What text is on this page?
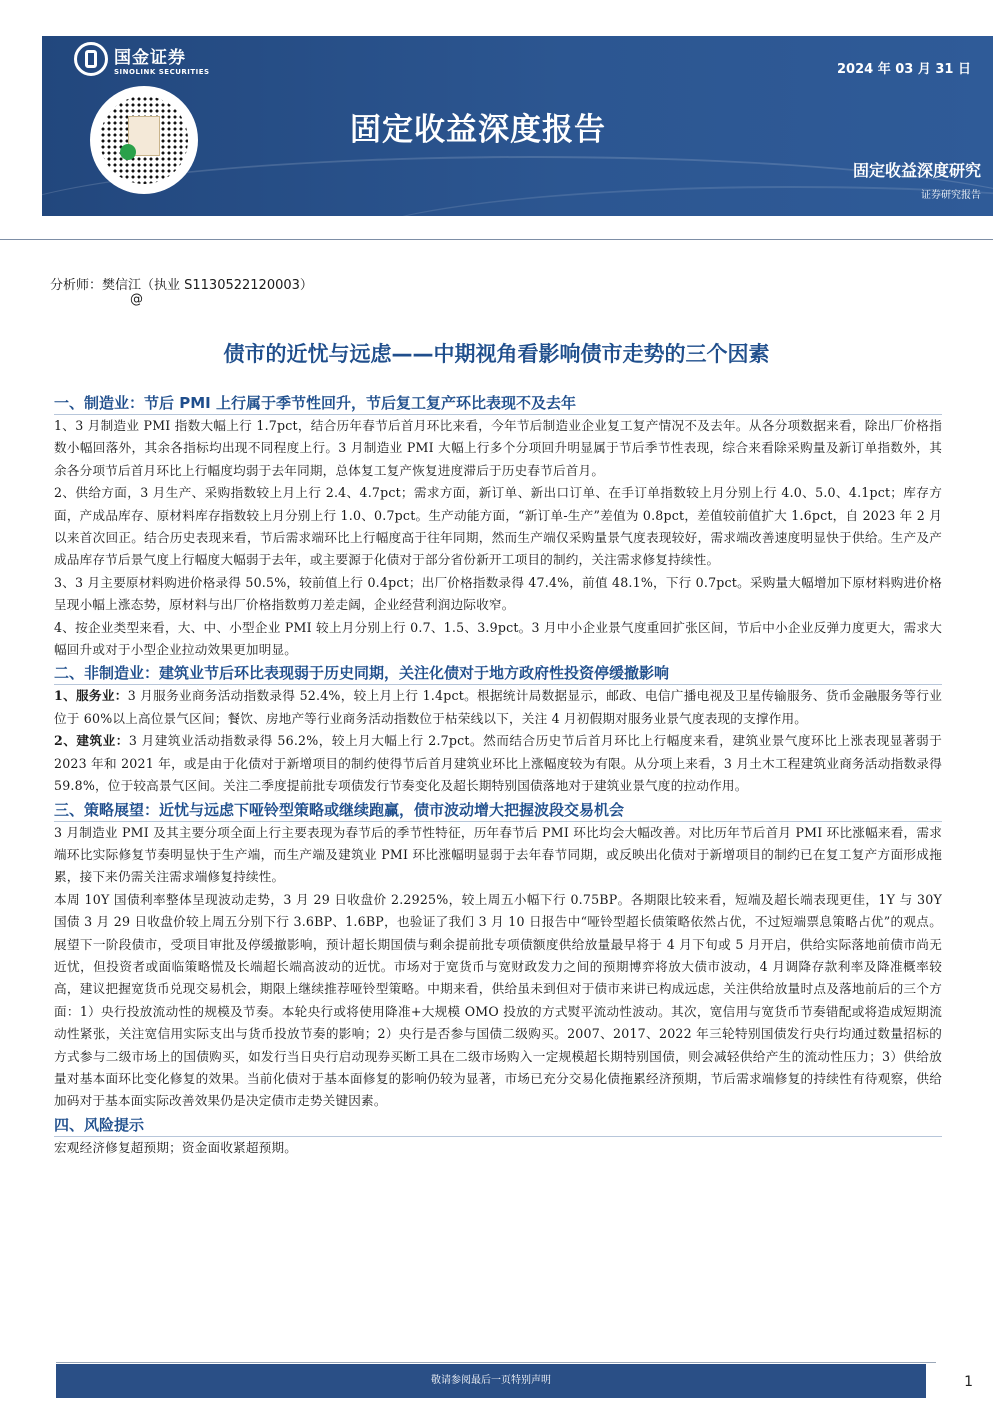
国金证券
SINOLINK SECURITIES	2024 年 03 月 31 日
固定收益深度报告
固定收益深度研究
证券研究报告
分析师：樊信江（执业 S1130522120003）
@
债市的近忧与远虑——中期视角看影响债市走势的三个因素
一、制造业：节后 PMI 上行属于季节性回升，节后复工复产环比表现不及去年

1、3 月制造业 PMI 指数大幅上行 1.7pct，结合历年春节后首月环比来看，今年节后制造业企业复工复产情况不及去年。从各分项数据来看，除出厂价格指数小幅回落外，其余各指标均出现不同程度上行。3 月制造业 PMI 大幅上行多个分项回升明显属于节后季节性表现，综合来看除采购量及新订单指数外，其余各分项节后首月环比上行幅度均弱于去年同期，总体复工复产恢复进度滞后于历史春节后首月。

2、供给方面，3 月生产、采购指数较上月上行 2.4、4.7pct；需求方面，新订单、新出口订单、在手订单指数较上月分别上行 4.0、5.0、4.1pct；库存方面，产成品库存、原材料库存指数较上月分别上行 1.0、0.7pct。生产动能方面，“新订单-生产”差值为 0.8pct，差值较前值扩大 1.6pct，自 2023 年 2 月以来首次回正。结合历史表现来看，节后需求端环比上行幅度高于往年同期，然而生产端仅采购量景气度表现较好，需求端改善速度明显快于供给。生产及产成品库存节后景气度上行幅度大幅弱于去年，或主要源于化债对于部分省份新开工项目的制约，关注需求修复持续性。

3、3 月主要原材料购进价格录得 50.5%，较前值上行 0.4pct；出厂价格指数录得 47.4%，前值 48.1%，下行 0.7pct。采购量大幅增加下原材料购进价格呈现小幅上涨态势，原材料与出厂价格指数剪刀差走阔，企业经营利润边际收窄。

4、按企业类型来看，大、中、小型企业 PMI 较上月分别上行 0.7、1.5、3.9pct。3 月中小企业景气度重回扩张区间，节后中小企业反弹力度更大，需求大幅回升或对于小型企业拉动效果更加明显。

二、非制造业：建筑业节后环比表现弱于历史同期，关注化债对于地方政府性投资停缓撤影响

1、服务业：3 月服务业商务活动指数录得 52.4%，较上月上行 1.4pct。根据统计局数据显示，邮政、电信广播电视及卫星传输服务、货币金融服务等行业位于 60%以上高位景气区间；餐饮、房地产等行业商务活动指数位于枯荣线以下，关注 4 月初假期对服务业景气度表现的支撑作用。

2、建筑业：3 月建筑业活动指数录得 56.2%，较上月大幅上行 2.7pct。然而结合历史节后首月环比上行幅度来看，建筑业景气度环比上涨表现显著弱于 2023 年和 2021 年，或是由于化债对于新增项目的制约使得节后首月建筑业环比上涨幅度较为有限。从分项上来看，3 月土木工程建筑业商务活动指数录得 59.8%，位于较高景气区间。关注二季度提前批专项债发行节奏变化及超长期特别国债落地对于建筑业景气度的拉动作用。

三、策略展望：近忧与远虑下哑铃型策略或继续跑赢，债市波动增大把握波段交易机会

3 月制造业 PMI 及其主要分项全面上行主要表现为春节后的季节性特征，历年春节后 PMI 环比均会大幅改善。对比历年节后首月 PMI 环比涨幅来看，需求端环比实际修复节奏明显快于生产端，而生产端及建筑业 PMI 环比涨幅明显弱于去年春节同期，或反映出化债对于新增项目的制约已在复工复产方面形成拖累，接下来仍需关注需求端修复持续性。

本周 10Y 国债利率整体呈现波动走势，3 月 29 日收盘价 2.2925%，较上周五小幅下行 0.75BP。各期限比较来看，短端及超长端表现更佳，1Y 与 30Y 国债 3 月 29 日收盘价较上周五分别下行 3.6BP、1.6BP，也验证了我们 3 月 10 日报告中“哑铃型超长债策略依然占优，不过短端票息策略占优”的观点。展望下一阶段债市，受项目审批及停缓撤影响，预计超长期国债与剩余提前批专项债额度供给放量最早将于 4 月下旬或 5 月开启，供给实际落地前债市尚无近忧，但投资者或面临策略慌及长端超长端高波动的近忧。市场对于宽货币与宽财政发力之间的预期博弈将放大债市波动，4 月调降存款利率及降准概率较高，建议把握宽货币兑现交易机会，期限上继续推荐哑铃型策略。中期来看，供给虽未到但对于债市来讲已构成远虑，关注供给放量时点及落地前后的三个方面：1）央行投放流动性的规模及节奏。本轮央行或将使用降准+大规模 OMO 投放的方式熨平流动性波动。其次，宽信用与宽货币节奏错配或将造成短期流动性紧张，关注宽信用实际支出与货币投放节奏的影响；2）央行是否参与国债二级购买。2007、2017、2022 年三轮特别国债发行央行均通过数量招标的方式参与二级市场上的国债购买，如发行当日央行启动现券买断工具在二级市场购入一定规模超长期特别国债，则会减轻供给产生的流动性压力；3）供给放量对基本面环比变化修复的效果。当前化债对于基本面修复的影响仍较为显著，市场已充分交易化债拖累经济预期，节后需求端修复的持续性有待观察，供给加码对于基本面实际改善效果仍是决定债市走势关键因素。

四、风险提示

宏观经济修复超预期；资金面收紧超预期。

敬请参阅最后一页特别声明	1
